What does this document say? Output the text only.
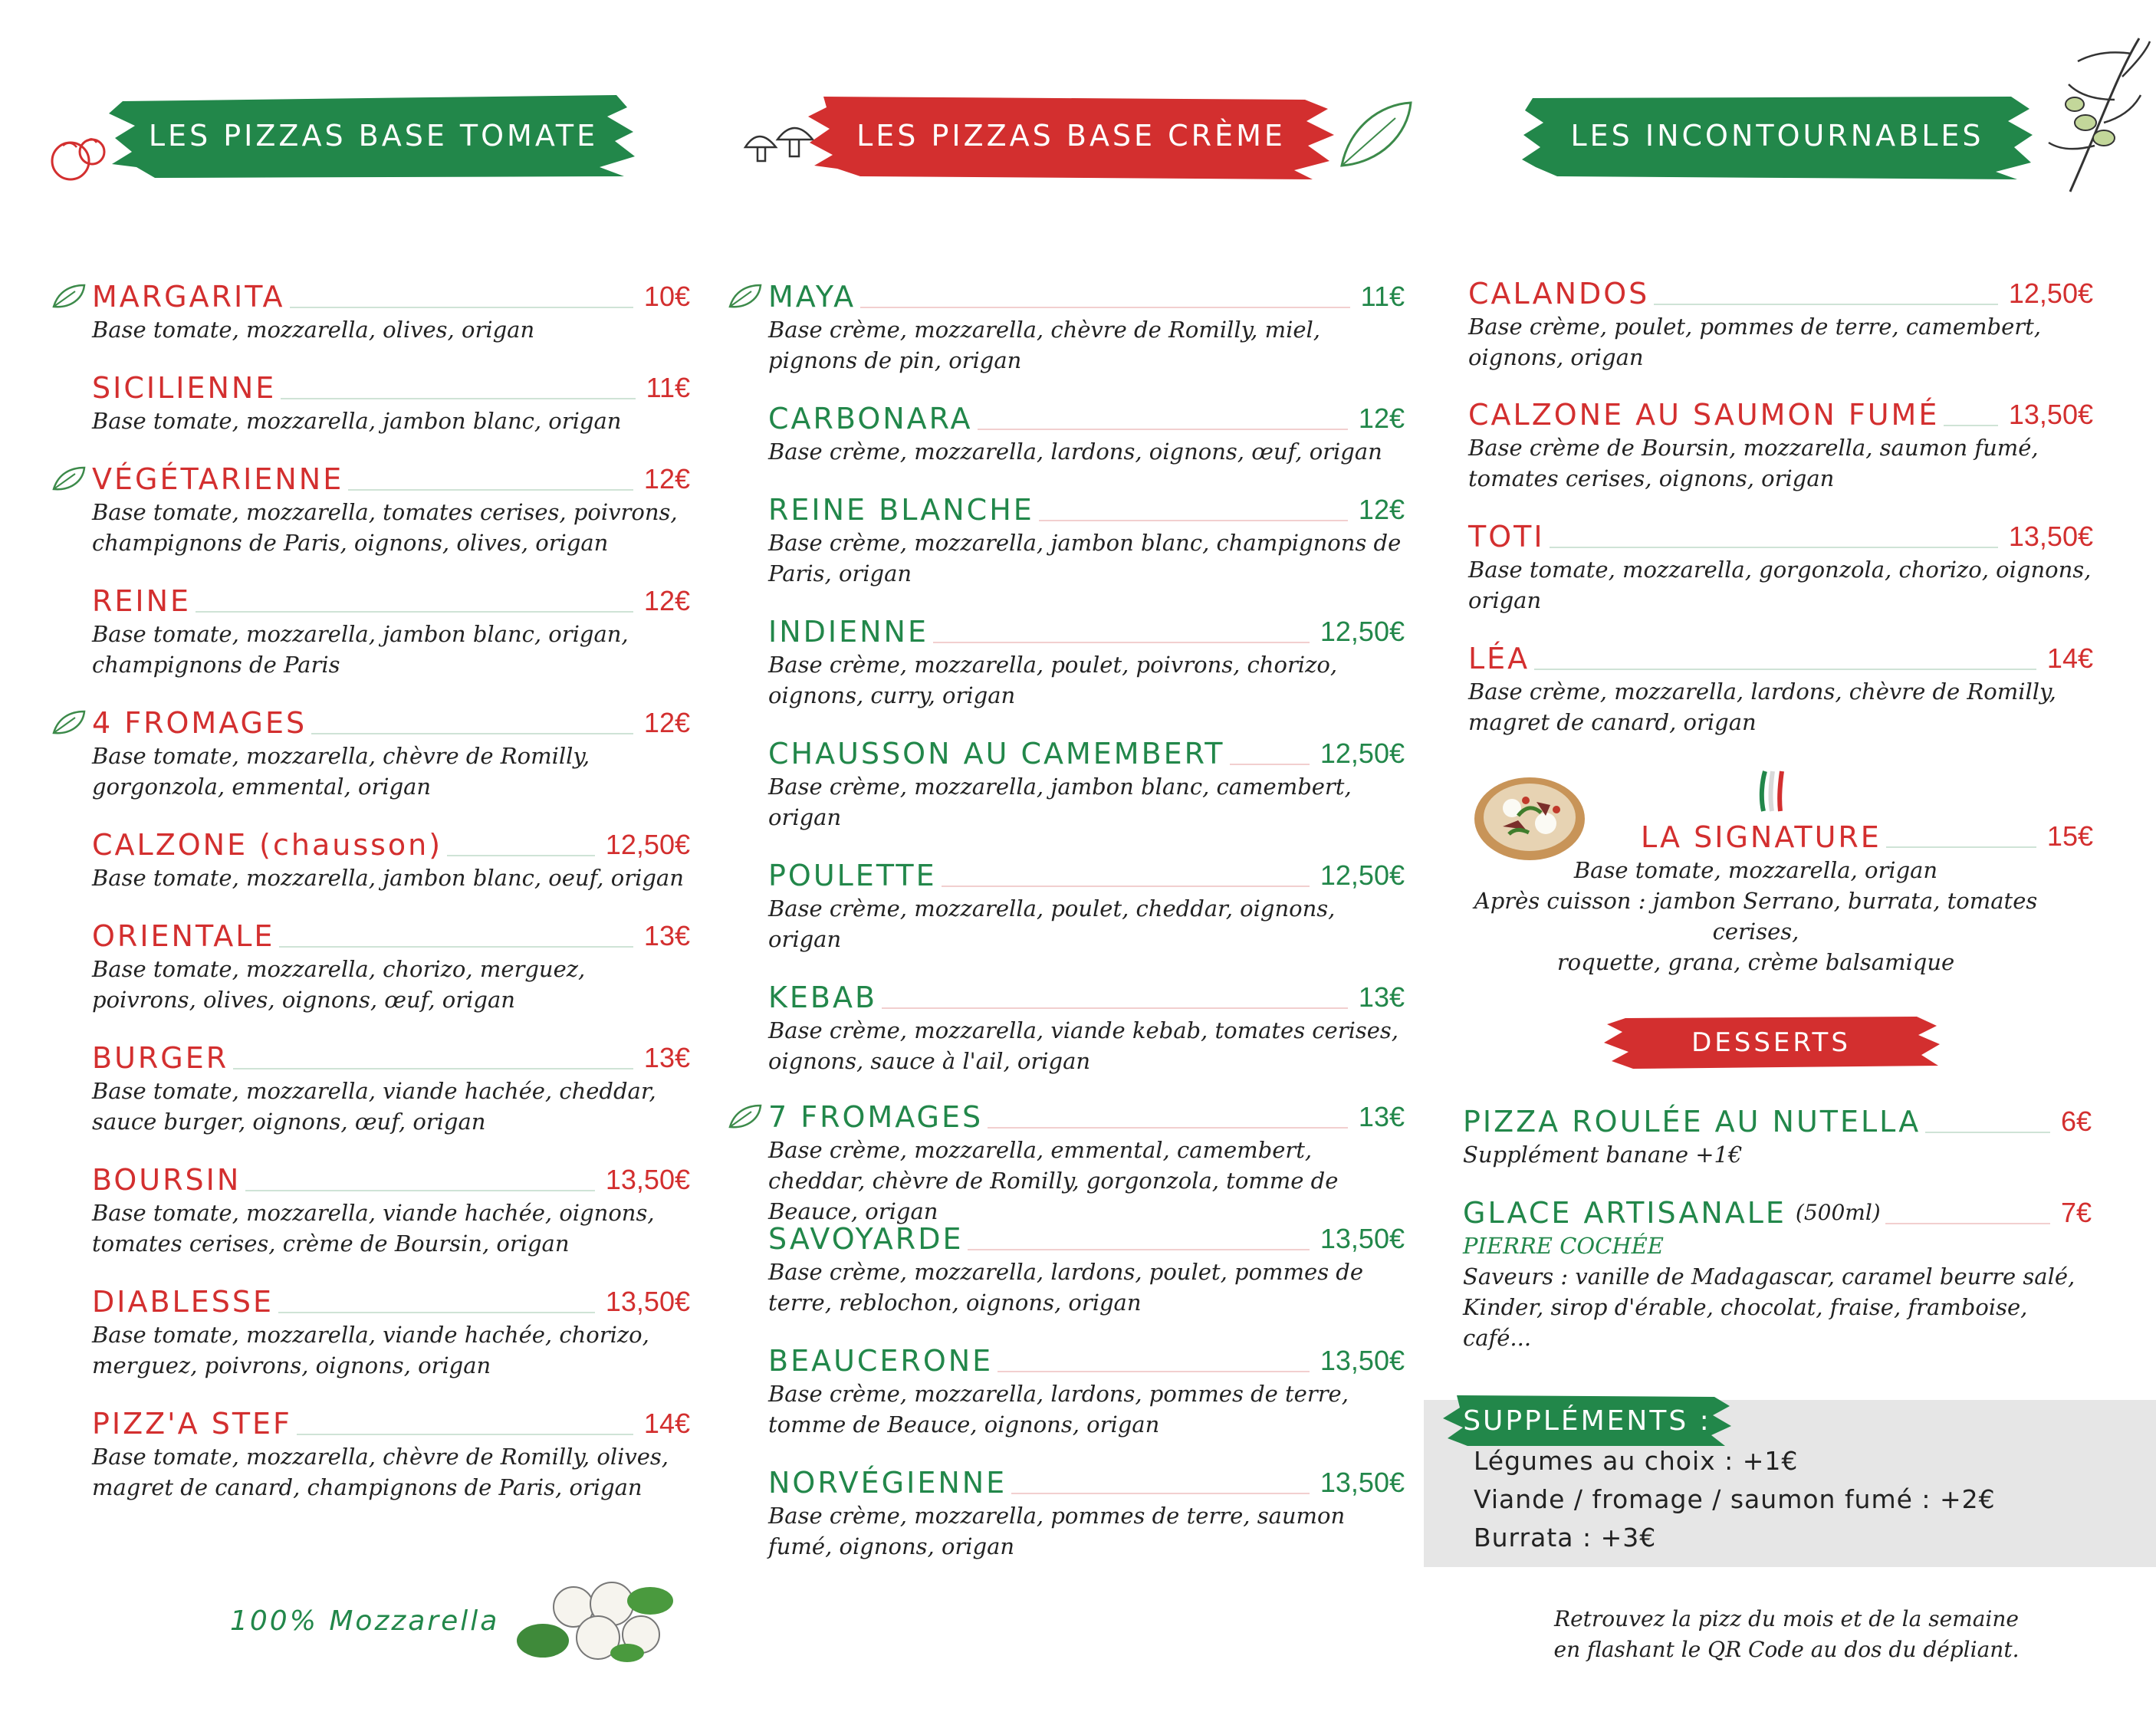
LES PIZZAS BASE TOMATE	LES PIZZAS BASE CRÈME	LES INCONTOURNABLES
MARGARITA	10€
Base tomate, mozzarella, olives, origan
SICILIENNE	11€
Base tomate, mozzarella, jambon blanc, origan
VÉGÉTARIENNE	12€
Base tomate, mozzarella, tomates cerises, poivrons, champignons de Paris, oignons, olives, origan
REINE	12€
Base tomate, mozzarella, jambon blanc, origan, champignons de Paris
4 FROMAGES	12€
Base tomate, mozzarella, chèvre de Romilly, gorgonzola, emmental, origan
CALZONE (chausson)	12,50€
Base tomate, mozzarella, jambon blanc, oeuf, origan
ORIENTALE	13€
Base tomate, mozzarella, chorizo, merguez, poivrons, olives, oignons, œuf, origan
BURGER	13€
Base tomate, mozzarella, viande hachée, cheddar, sauce burger, oignons, œuf, origan
BOURSIN	13,50€
Base tomate, mozzarella, viande hachée, oignons, tomates cerises, crème de Boursin, origan
DIABLESSE	13,50€
Base tomate, mozzarella, viande hachée, chorizo, merguez, poivrons, oignons, origan
PIZZ'A STEF	14€
Base tomate, mozzarella, chèvre de Romilly, olives, magret de canard, champignons de Paris, origan
100% Mozzarella
MAYA	11€
Base crème, mozzarella, chèvre de Romilly, miel, pignons de pin, origan
CARBONARA	12€
Base crème, mozzarella, lardons, oignons, œuf, origan
REINE BLANCHE	12€
Base crème, mozzarella, jambon blanc, champignons de Paris, origan
INDIENNE	12,50€
Base crème, mozzarella, poulet, poivrons, chorizo, oignons, curry, origan
CHAUSSON AU CAMEMBERT	12,50€
Base crème, mozzarella, jambon blanc, camembert, origan
POULETTE	12,50€
Base crème, mozzarella, poulet, cheddar, oignons, origan
KEBAB	13€
Base crème, mozzarella, viande kebab, tomates cerises, oignons, sauce à l'ail, origan
7 FROMAGES	13€
Base crème, mozzarella, emmental, camembert, cheddar, chèvre de Romilly, gorgonzola, tomme de Beauce, origan
SAVOYARDE	13,50€
Base crème, mozzarella, lardons, poulet, pommes de terre, reblochon, oignons, origan
BEAUCERONE	13,50€
Base crème, mozzarella, lardons, pommes de terre, tomme de Beauce, oignons, origan
NORVÉGIENNE	13,50€
Base crème, mozzarella, pommes de terre, saumon fumé, oignons, origan
CALANDOS	12,50€
Base crème, poulet, pommes de terre, camembert, oignons, origan
CALZONE AU SAUMON FUMÉ	13,50€
Base crème de Boursin, mozzarella, saumon fumé, tomates cerises, oignons, origan
TOTI	13,50€
Base tomate, mozzarella, gorgonzola, chorizo, oignons, origan
LÉA	14€
Base crème, mozzarella, lardons, chèvre de Romilly, magret de canard, origan
LA SIGNATURE	15€
Base tomate, mozzarella, origan
Après cuisson : jambon Serrano, burrata, tomates cerises,
roquette, grana, crème balsamique
DESSERTS
PIZZA ROULÉE AU NUTELLA	6€
Supplément banane +1€
GLACE ARTISANALE (500ml)	7€
PIERRE COCHÉE
Saveurs : vanille de Madagascar, caramel beurre salé, Kinder, sirop d'érable, chocolat, fraise, framboise, café...
SUPPLÉMENTS :
Légumes au choix : +1€
Viande / fromage / saumon fumé : +2€
Burrata : +3€
Retrouvez la pizz du mois et de la semaine
en flashant le QR Code au dos du dépliant.
